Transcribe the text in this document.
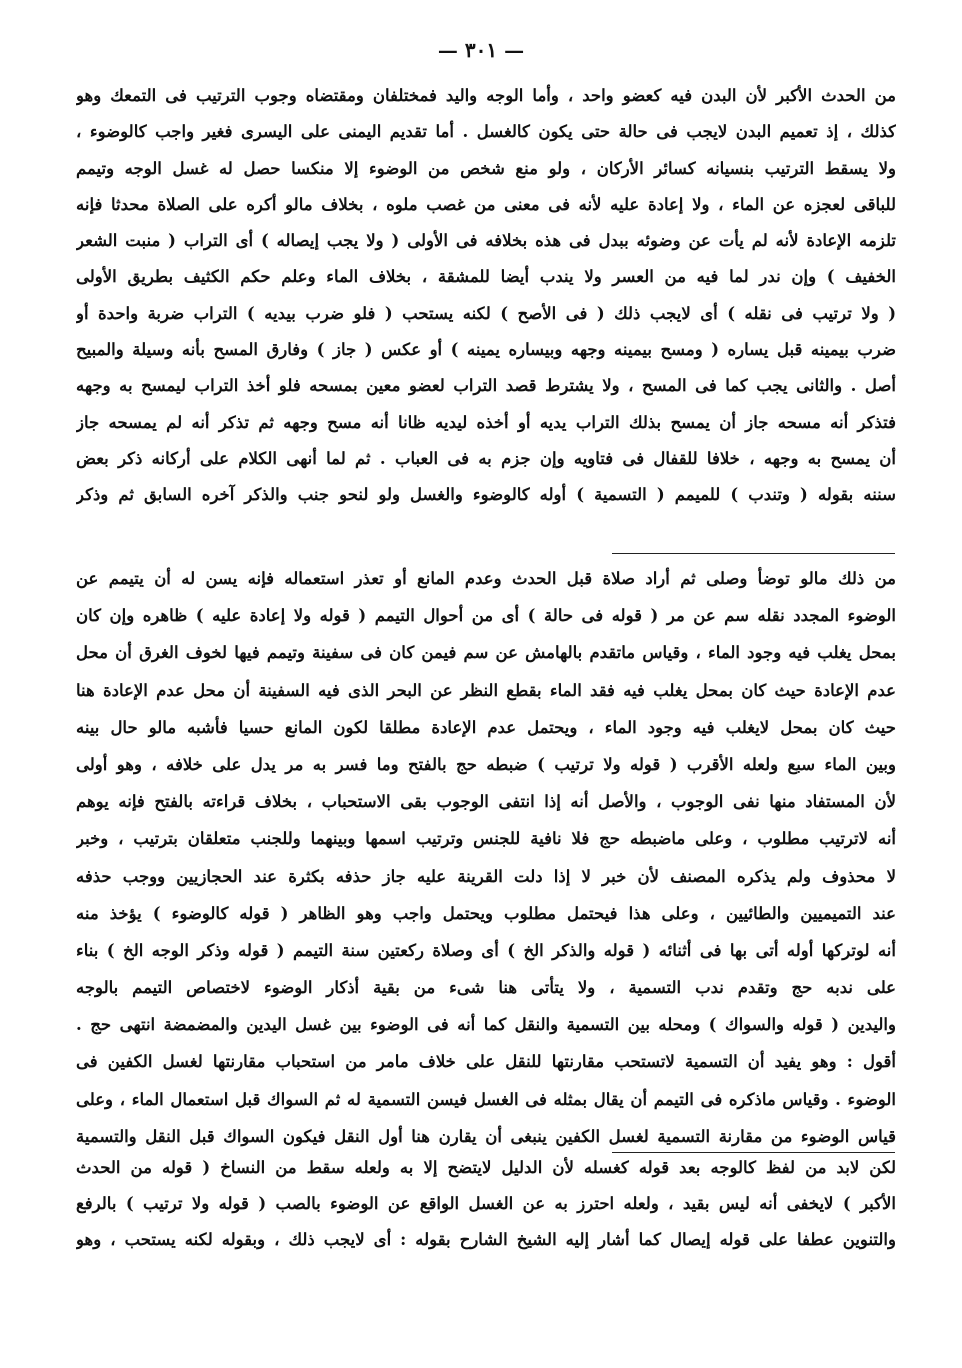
— ٣٠١ —
من الحدث الأكبر لأن البدن فيه كعضو واحد ، وأما الوجه واليد فمختلفان ومقتضاه وجوب الترتيب فى التمعك وهو
كذلك ، إذ تعميم البدن لايجب فى حالة حتى يكون كالغسل . أما تقديم اليمنى على اليسرى فغير واجب كالوضوء ،
ولا يسقط الترتيب بنسيانه كسائر الأركان ، ولو منع شخص من الوضوء إلا منكسا حصل له غسل الوجه وتيمم
للباقى لعجزه عن الماء ، ولا إعادة عليه لأنه فى معنى من غصب ملوه ، بخلاف مالو أكره على الصلاة محدثا فإنه
تلزمه الإعادة لأنه لم يأت عن وضوئه ببدل فى هذه بخلافه فى الأولى ( ولا يجب إيصاله ) أى التراب ( منبت الشعر
الخفيف ) وإن ندر لما فيه من العسر ولا يندب أيضا للمشقة ، بخلاف الماء وعلم حكم الكثيف بطريق الأولى
( ولا ترتيب فى نقله ) أى لايجب ذلك ( فى الأصح ) لكنه يستحب ( فلو ضرب بيديه ) التراب ضربة واحدة أو
ضرب بيمينه قبل يساره ( ومسح بيمينه وجهه وبيساره يمينه ) أو عكس ( جاز ) وفارق المسح بأنه وسيلة والمبيح
أصل . والثانى يجب كما فى المسح ، ولا يشترط قصد التراب لعضو معين بمسحه فلو أخذ التراب ليمسح به وجهه
فتذكر أنه مسحه جاز أن يمسح بذلك التراب يديه أو أخذه ليديه ظانا أنه مسح وجهه ثم تذكر أنه لم يمسحه جاز
أن يمسح به وجهه ، خلافا للقفال فى فتاويه وإن جزم به فى العباب . ثم لما أنهى الكلام على أركانه ذكر بعض
سننه بقوله ( وتندب ) للميمم ( التسمية ) أوله كالوضوء والغسل ولو لنحو جنب والذكر آخره السابق ثم وذكر
من ذلك مالو توضأ وصلى ثم أراد صلاة قبل الحدث وعدم المانع أو تعذر استعماله فإنه يسن له أن يتيمم عن
الوضوء المجدد نقله سم عن مر ( قوله فى حالة ) أى من أحوال التيمم ( قوله ولا إعادة عليه ) ظاهره وإن كان
بمحل يغلب فيه وجود الماء ، وقياس ماتقدم بالهامش عن سم فيمن كان فى سفينة وتيمم فيها لخوف الغرق أن محل
عدم الإعادة حيث كان بمحل يغلب فيه فقد الماء بقطع النظر عن البحر الذى فيه السفينة أن محل عدم الإعادة هنا
حيث كان بمحل لايغلب فيه وجود الماء ، ويحتمل عدم الإعادة مطلقا لكون المانع حسيا فأشبه مالو حال بينه
وبين الماء سبع ولعله الأقرب ( قوله ولا ترتيب ) ضبطه حج بالفتح وما فسر به مر يدل على خلافه ، وهو أولى
لأن المستفاد منها نفى الوجوب ، والأصل أنه إذا انتفى الوجوب بقى الاستحباب ، بخلاف قراءته بالفتح فإنه يوهم
أنه لاترتيب مطلوب ، وعلى ماضبطه حج فلا نافية للجنس وترتيب اسمها وبينهما وللجنب متعلقان بترتيب ، وخبر
لا محذوف ولم يذكره المصنف لأن خبر لا إذا دلت القرينة عليه جاز حذفه بكثرة عند الحجازيين ووجب حذفه
عند التميميين والطائيين ، وعلى هذا فيحتمل مطلوب ويحتمل واجب وهو الظاهر ( قوله كالوضوء ) يؤخذ منه
أنه لوتركها أوله أتى بها فى أثنائه ( قوله والذكر الخ ) أى وصلاة ركعتين سنة التيمم ( قوله وذكر الوجه الخ ) بناء
على ندبه حج وتقدم ندب التسمية ، ولا يتأتى هنا شىء من بقية أذكار الوضوء لاختصاص التيمم بالوجه
واليدين ( قوله والسواك ) ومحله بين التسمية والنقل كما أنه فى الوضوء بين غسل اليدين والمضمضة انتهى حج .
أقول : وهو يفيد أن التسمية لاتستحب مقارنتها للنقل على خلاف مامر من استحباب مقارنتها لغسل الكفين فى
الوضوء . وقياس ماذكره فى التيمم أن يقال بمثله فى الغسل فيسن التسمية له ثم السواك قبل استعمال الماء ، وعلى
قياس الوضوء من مقارنة التسمية لغسل الكفين ينبغى أن يقارن هنا أول النقل فيكون السواك قبل النقل والتسمية
لكن لابد من لفظ كالوجه بعد قوله كغسله لأن الدليل لايتضح إلا به ولعله سقط من النساخ ( قوله من الحدث
الأكبر ) لايخفى أنه ليس بقيد ، ولعله احترز به عن الغسل الواقع عن الوضوء بالصب ( قوله ولا ترتيب ) بالرفع
والتنوين عطفا على قوله إيصال كما أشار إليه الشيخ الشارح بقوله : أى لايجب ذلك ، وبقوله لكنه يستحب ، وهو
